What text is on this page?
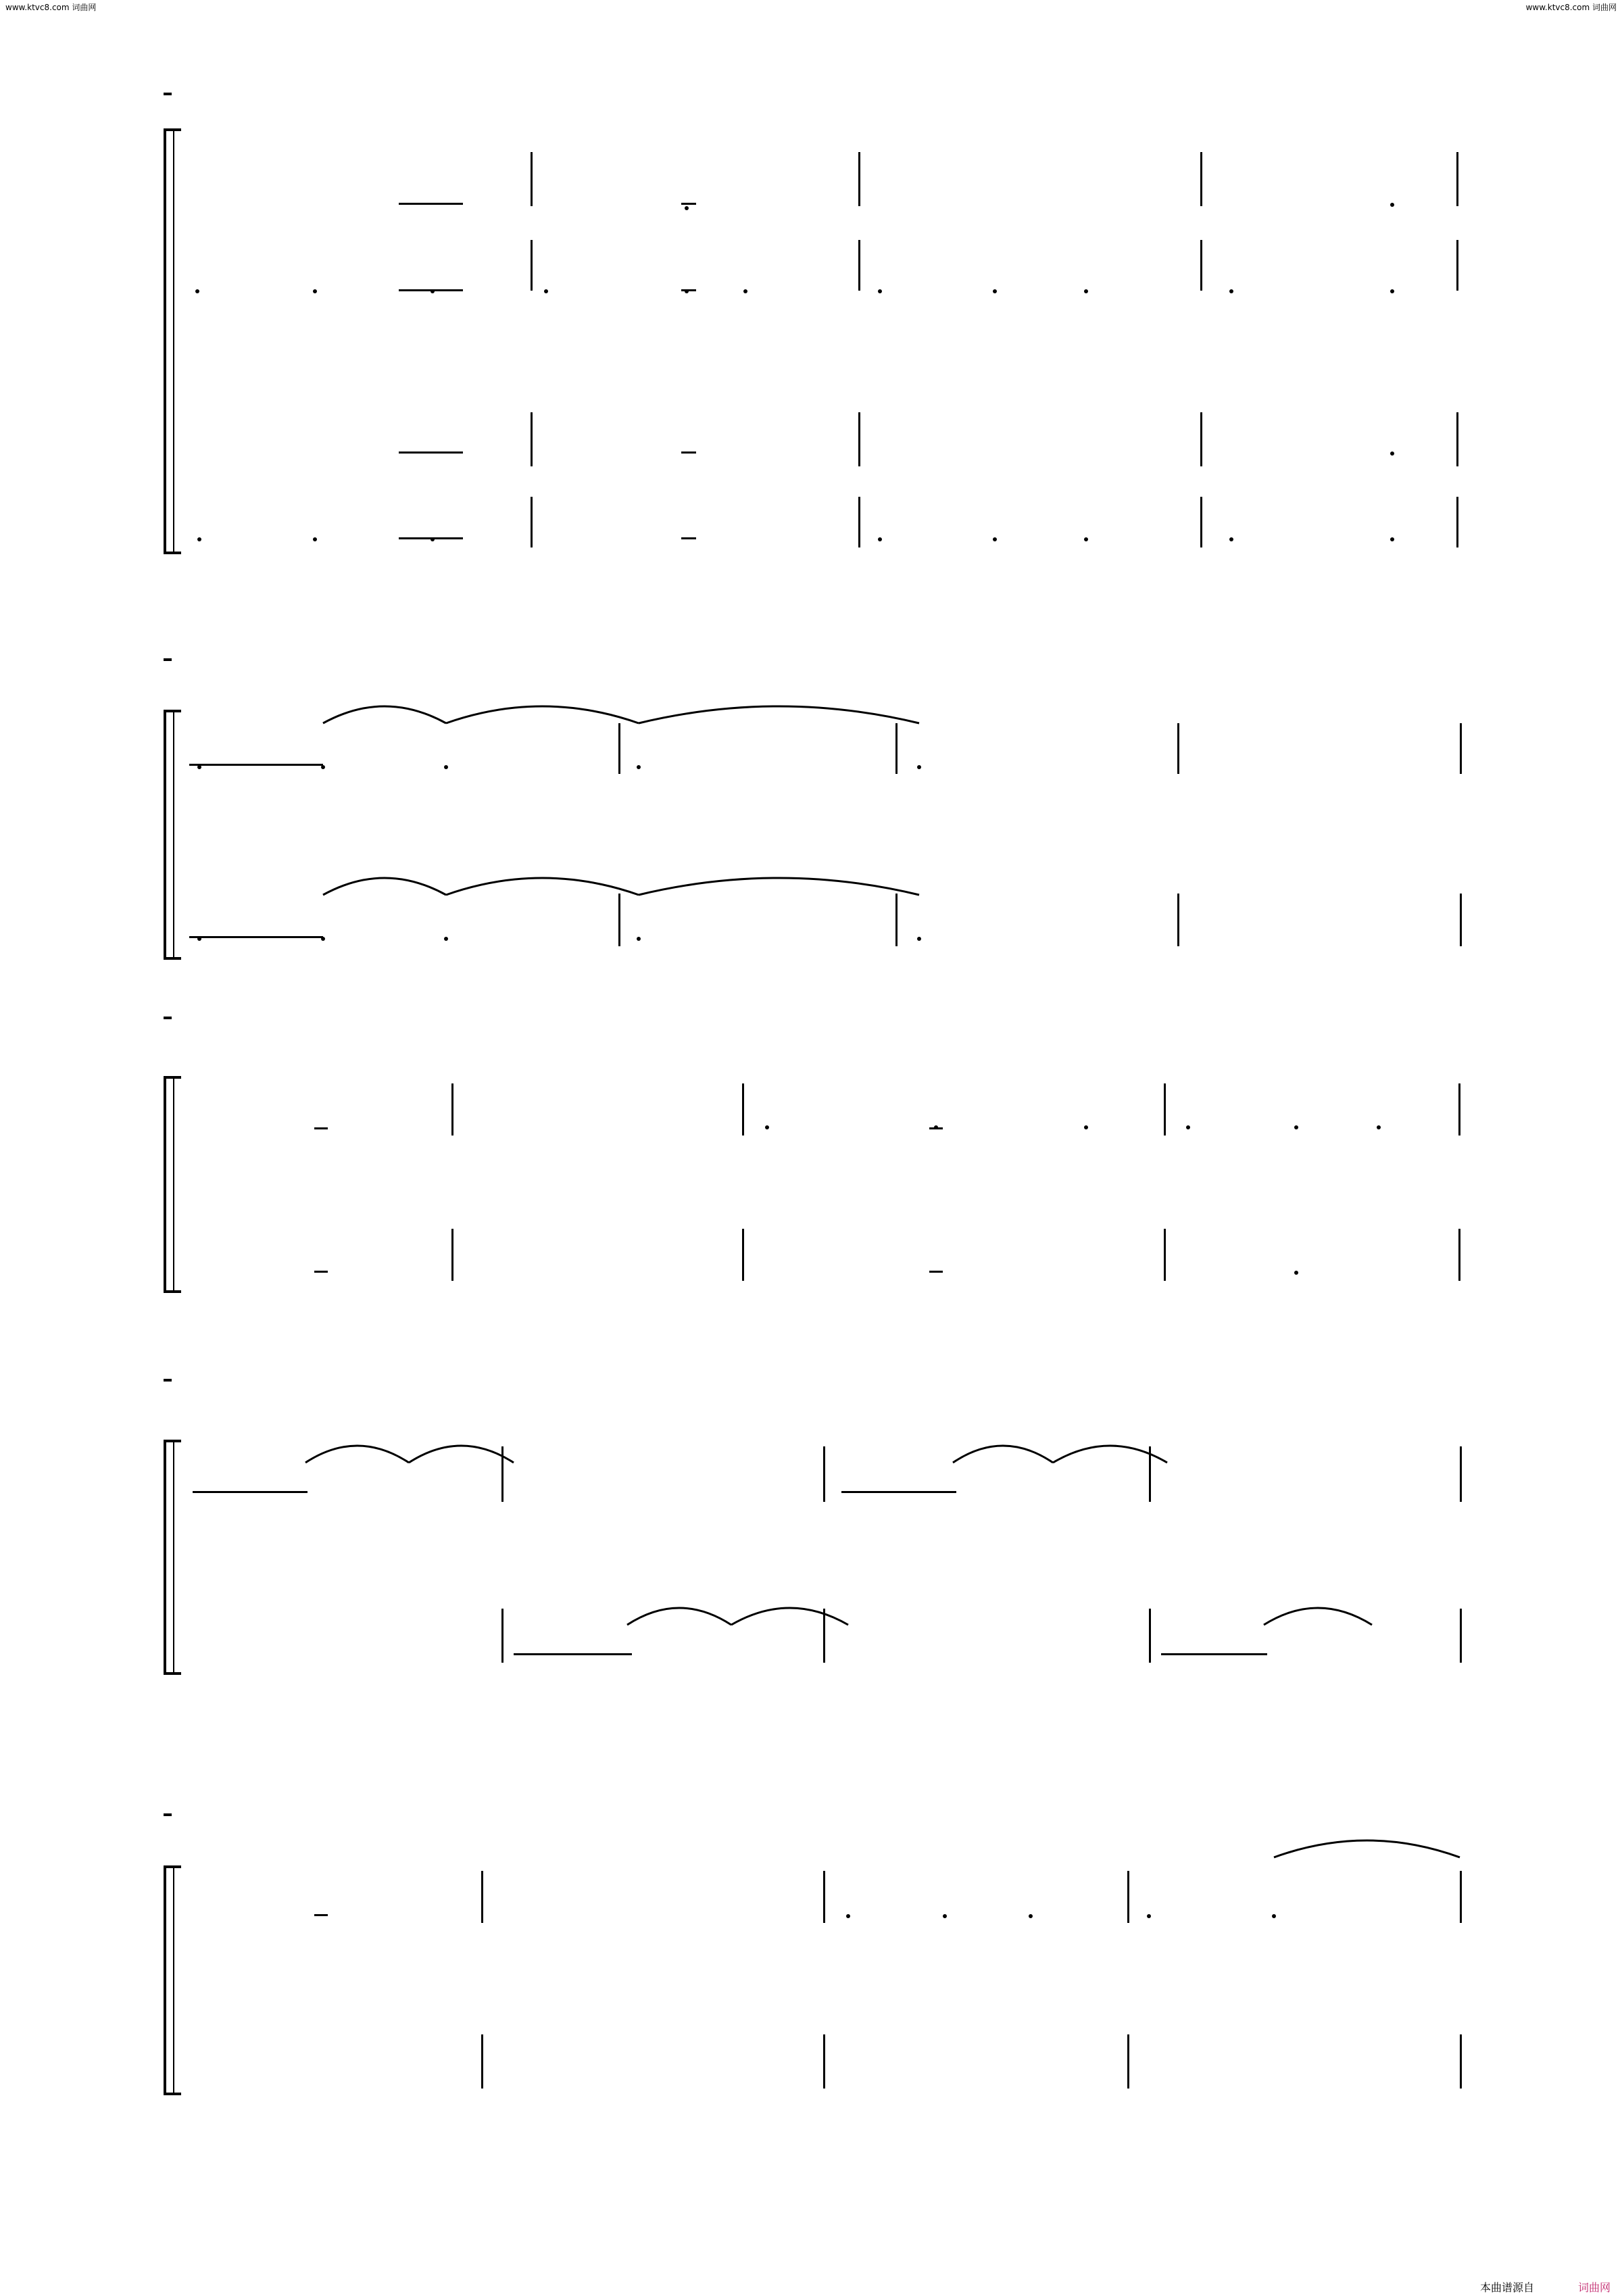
www.ktvc8.com 词曲网	www.ktvc8.com 词曲网
本曲谱源自	词曲网
